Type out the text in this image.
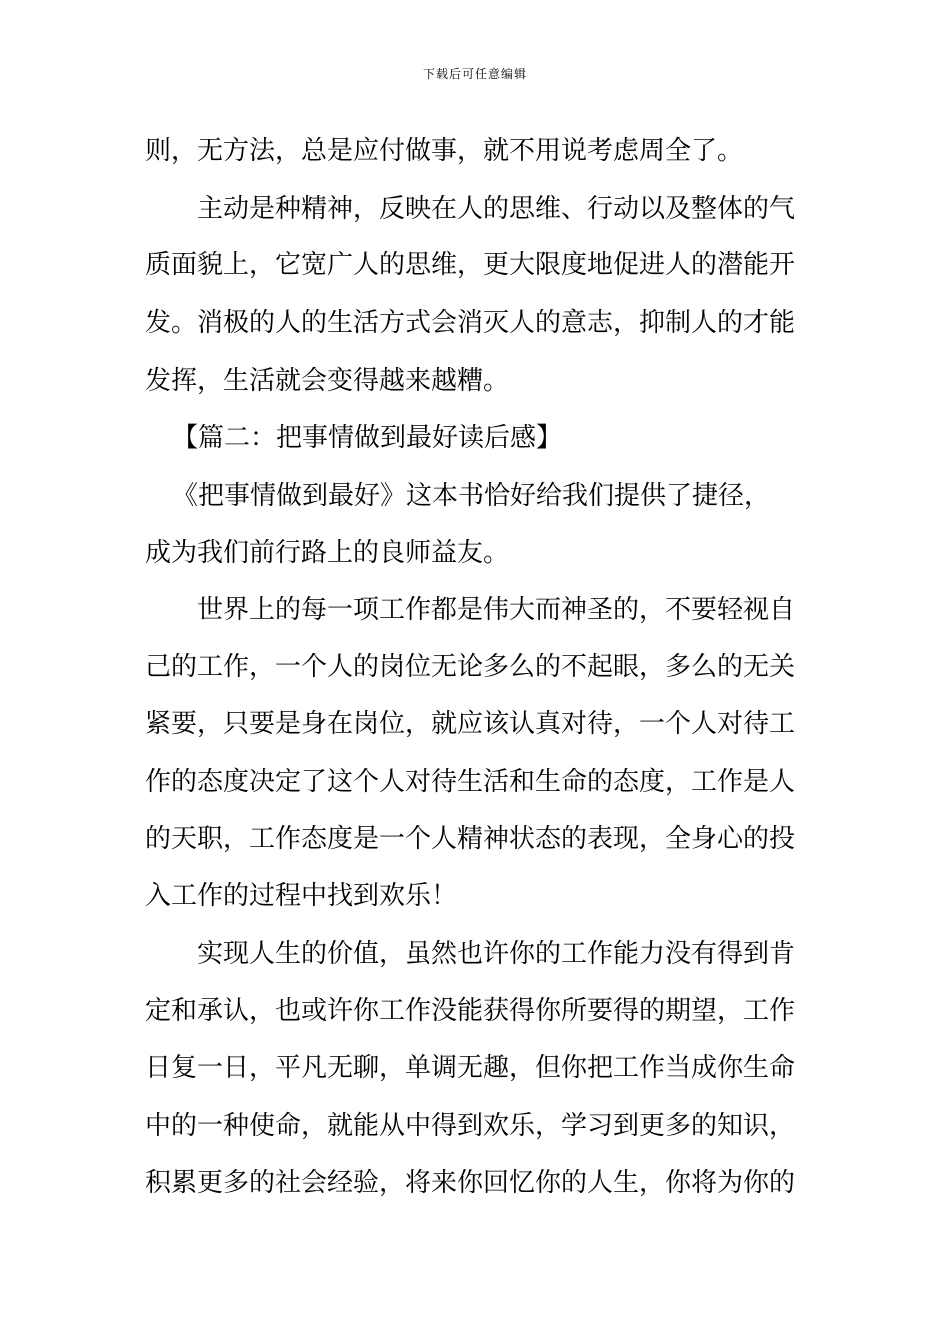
下载后可任意编辑
则，无方法，总是应付做事，就不用说考虑周全了。
主动是种精神，反映在人的思维、行动以及整体的气
质面貌上，它宽广人的思维，更大限度地促进人的潜能开
发。消极的人的生活方式会消灭人的意志，抑制人的才能
发挥，生活就会变得越来越糟。
【篇二：把事情做到最好读后感】
《把事情做到最好》这本书恰好给我们提供了捷径，
成为我们前行路上的良师益友。
世界上的每一项工作都是伟大而神圣的，不要轻视自
己的工作，一个人的岗位无论多么的不起眼，多么的无关
紧要，只要是身在岗位，就应该认真对待，一个人对待工
作的态度决定了这个人对待生活和生命的态度，工作是人
的天职，工作态度是一个人精神状态的表现，全身心的投
入工作的过程中找到欢乐！
实现人生的价值，虽然也许你的工作能力没有得到肯
定和承认，也或许你工作没能获得你所要得的期望，工作
日复一日，平凡无聊，单调无趣，但你把工作当成你生命
中的一种使命，就能从中得到欢乐，学习到更多的知识，
积累更多的社会经验，将来你回忆你的人生，你将为你的
